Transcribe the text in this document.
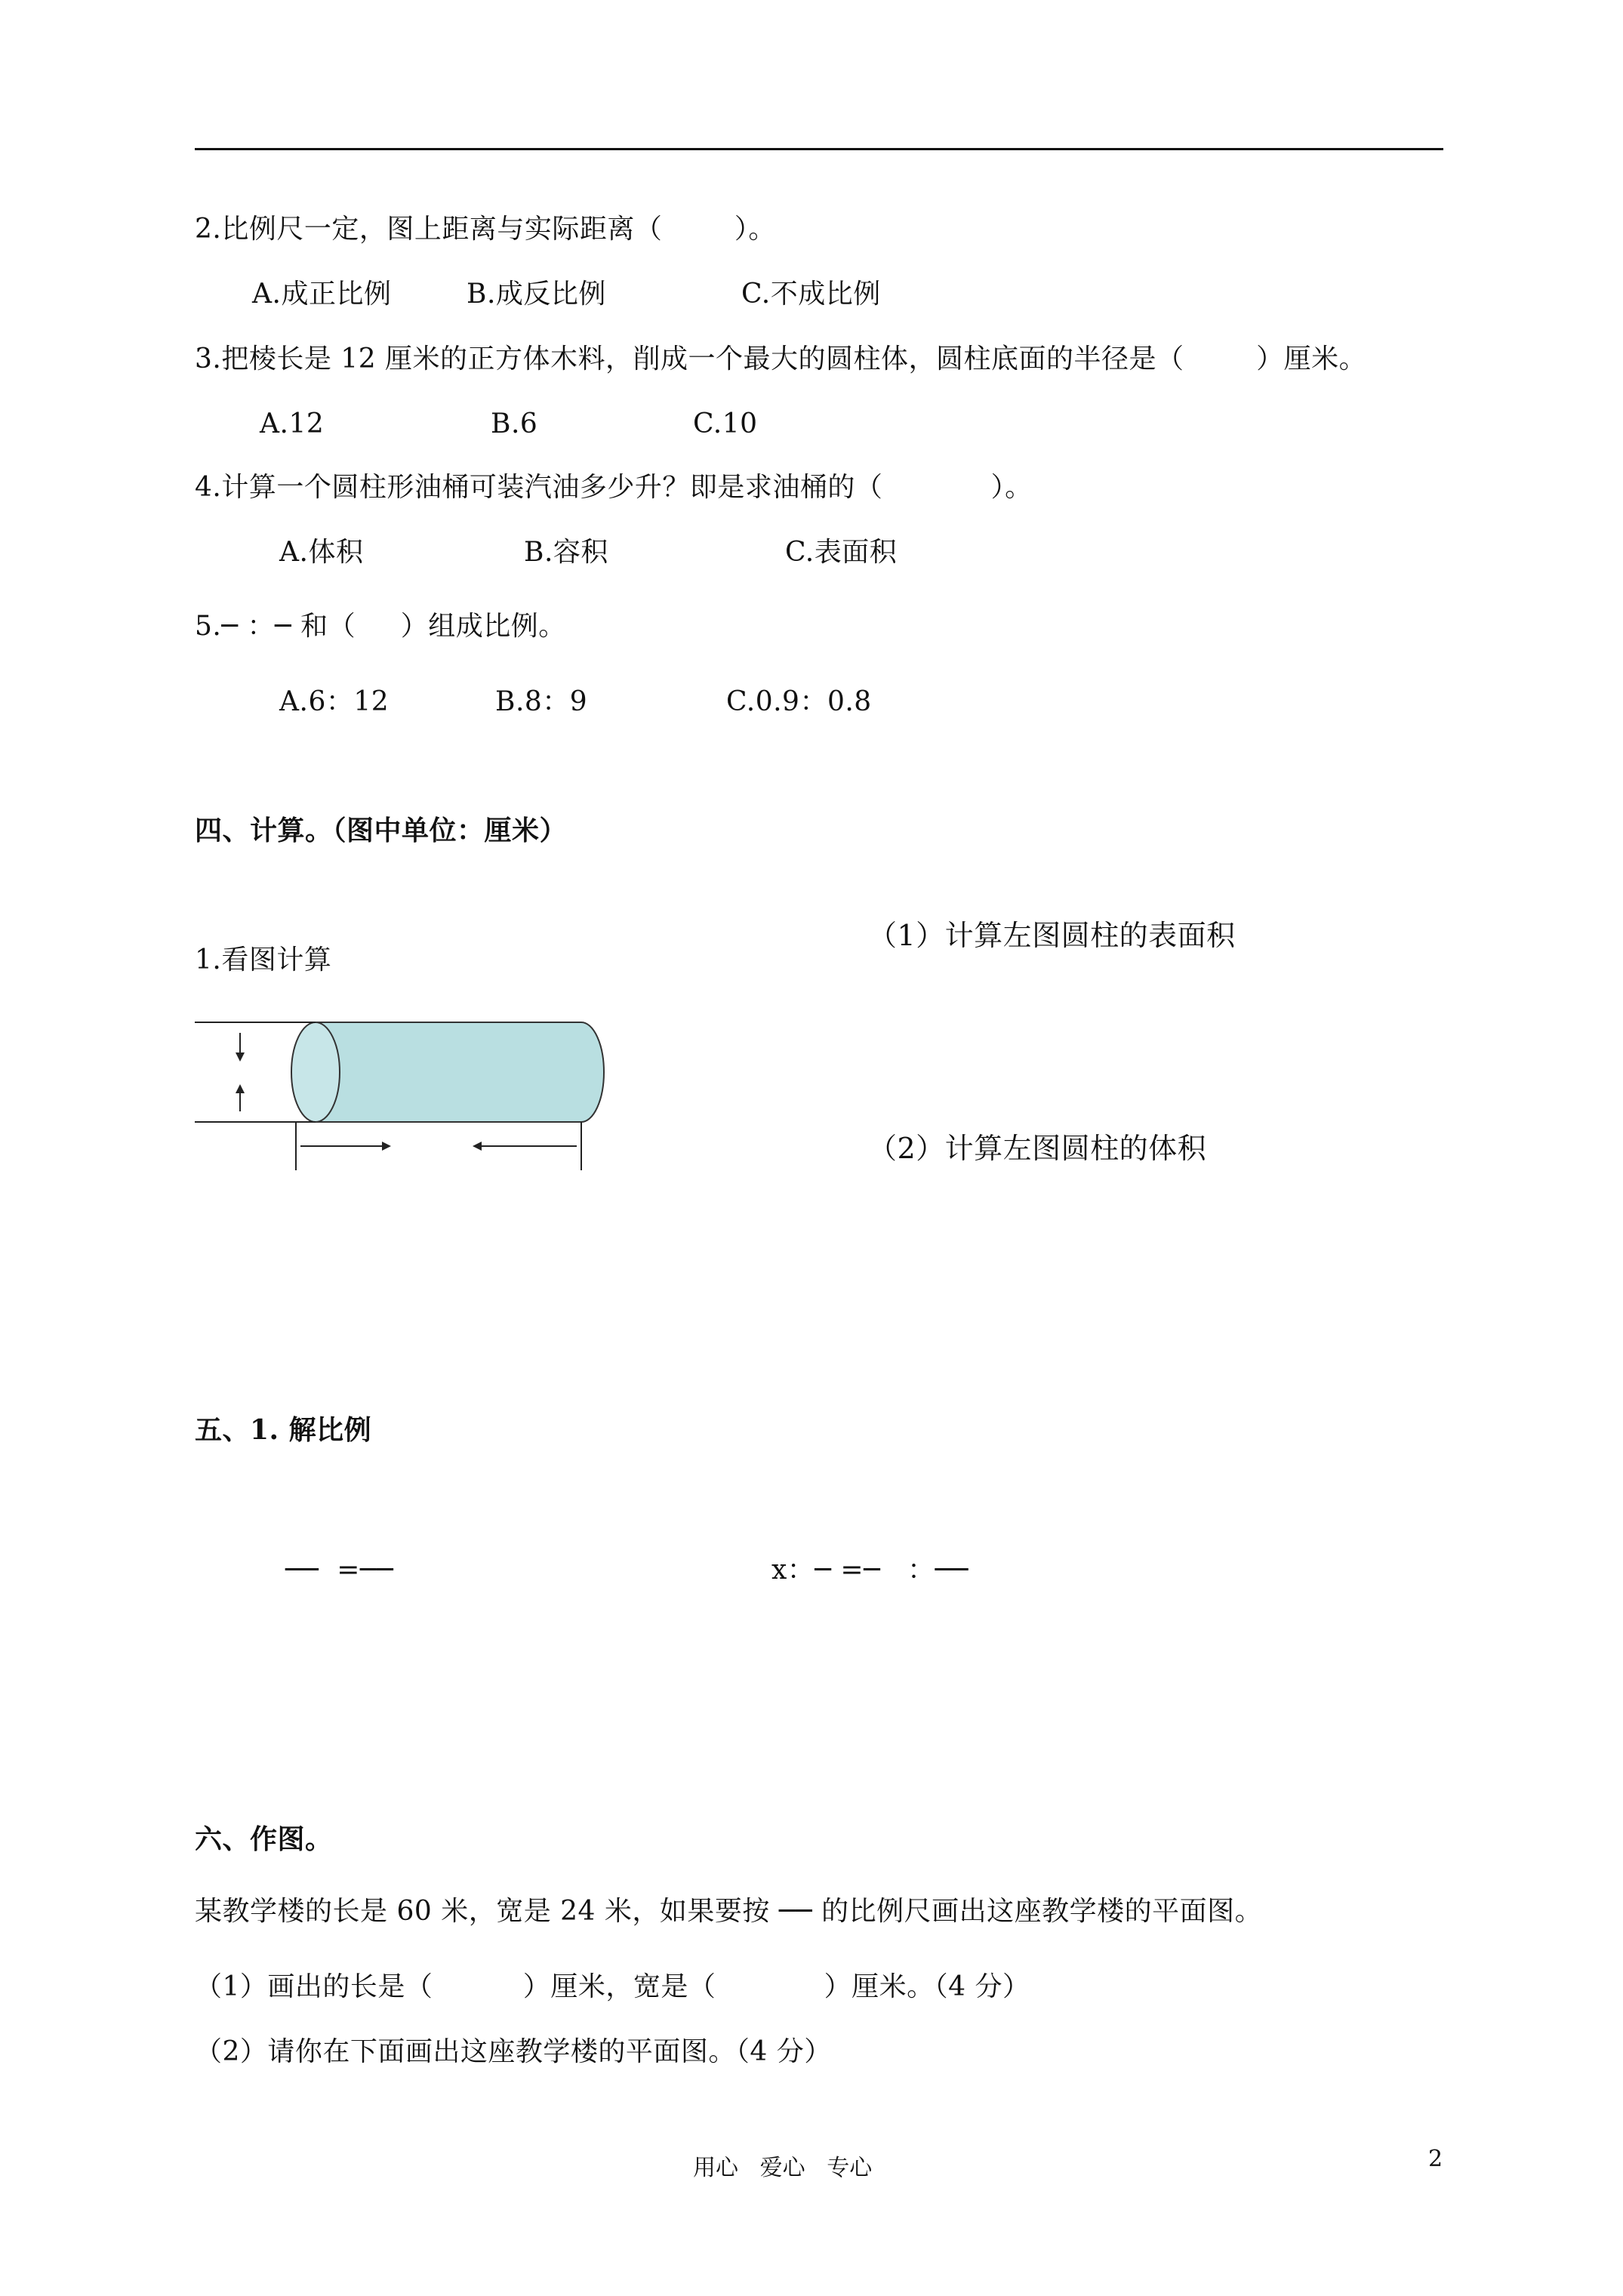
2.比例尺一定，图上距离与实际距离（        ）。
A.成正比例	B.成反比例	C.不成比例
3.把棱长是 12 厘米的正方体木料，削成一个最大的圆柱体，圆柱底面的半径是（        ）厘米。
A.12	B.6	C.10
4.计算一个圆柱形油桶可装汽油多少升？即是求油桶的（            ）。
A.体积	B.容积	C.表面积
5.─ ：─ 和（     ）组成比例。
A.6：12	B.8：9	C.0.9：0.8
四、计算。（图中单位：厘米）
1.看图计算
（1）计算左图圆柱的表面积
（2）计算左图圆柱的体积
五、1. 解比例
──  =──	x：─ =─   ：──
六、作图。
某教学楼的长是 60 米，宽是 24 米，如果要按 ── 的比例尺画出这座教学楼的平面图。
（1）画出的长是（          ）厘米，宽是（            ）厘米。（4 分）
（2）请你在下面画出这座教学楼的平面图。（4 分）
用心   爱心   专心	2
